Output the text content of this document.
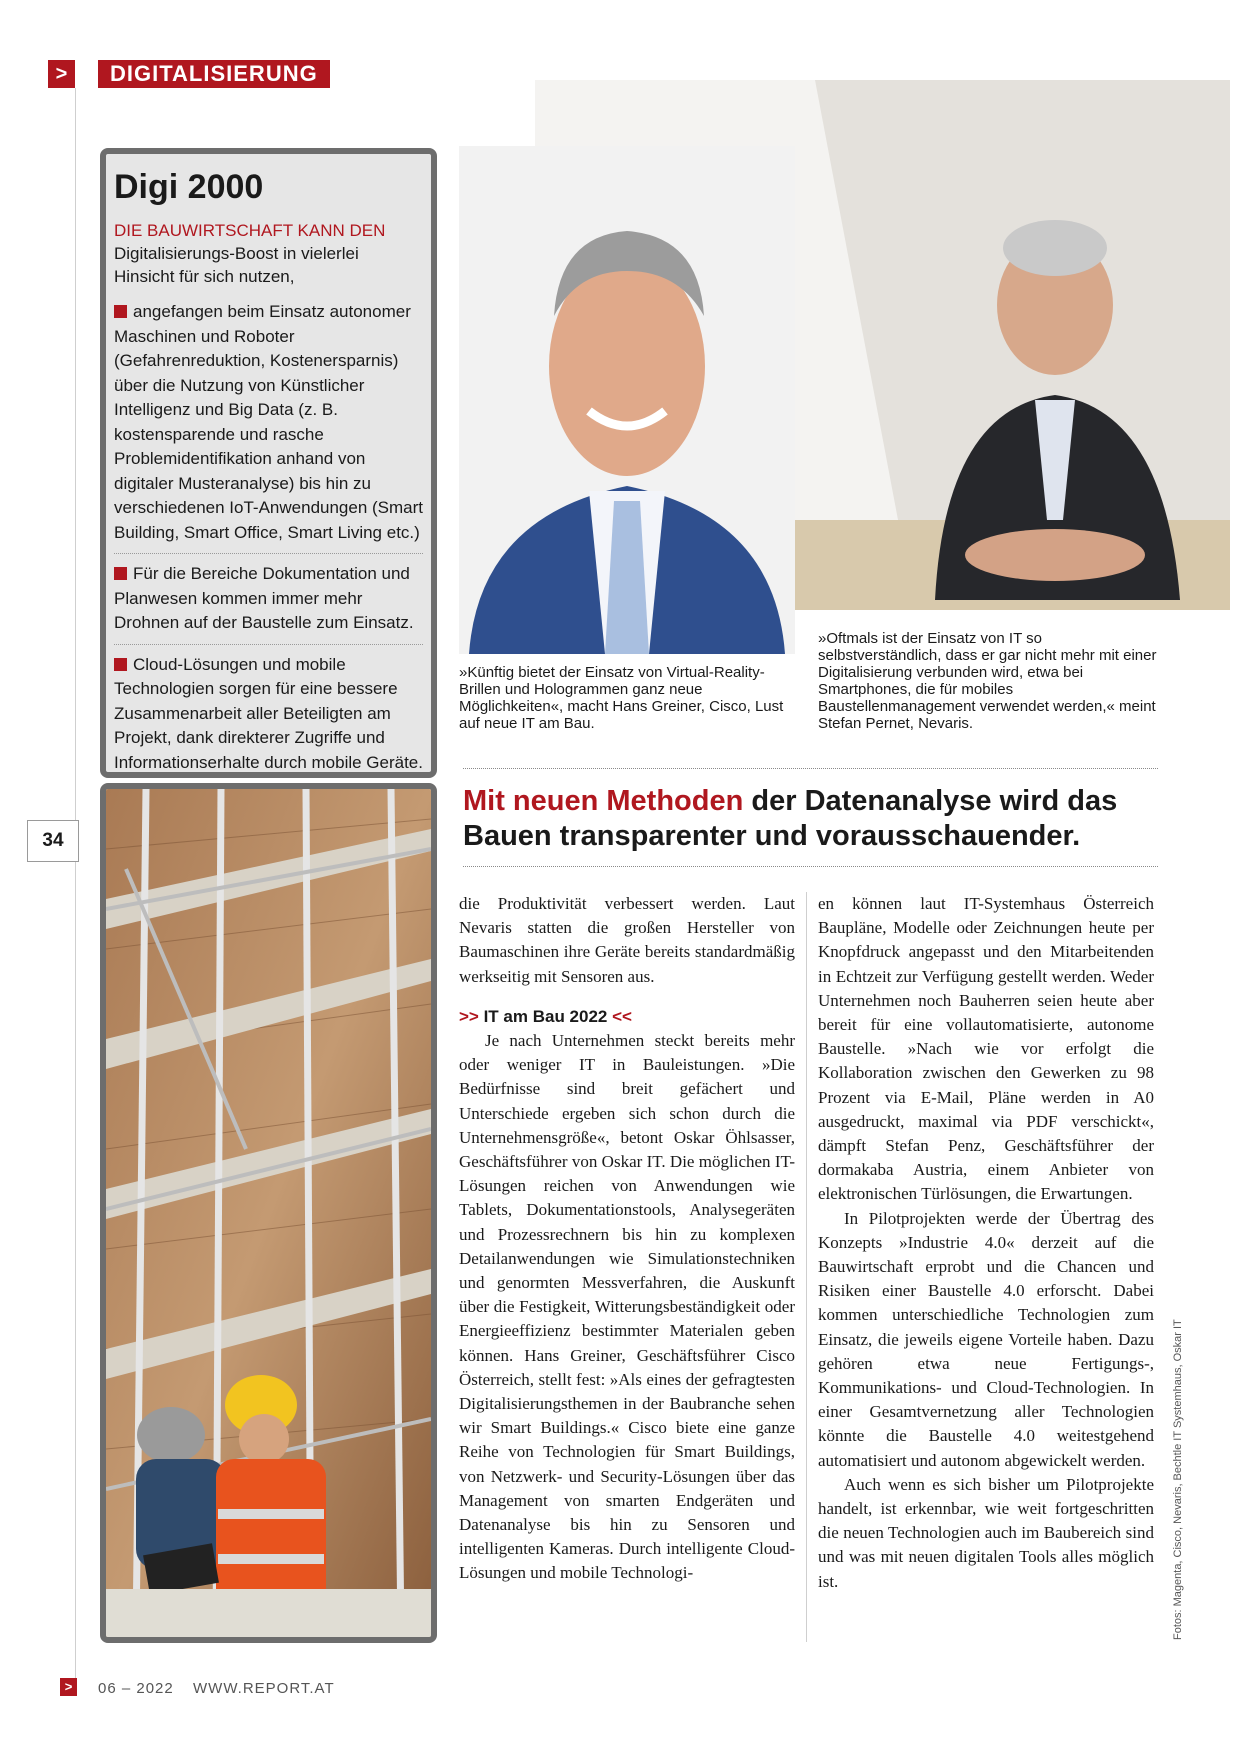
>	DIGITALISIERUNG
34
Digi 2000
DIE BAUWIRTSCHAFT KANN DEN Digitalisierungs-Boost in vielerlei Hinsicht für sich nutzen,
angefangen beim Einsatz autonomer Maschinen und Roboter (Gefahrenreduktion, Kostenersparnis) über die Nutzung von Künstlicher Intelligenz und Big Data (z. B. kostensparende und rasche Problemidentifikation anhand von digitaler Musteranalyse) bis hin zu verschiedenen IoT-Anwendungen (Smart Building, Smart Office, Smart Living etc.)
Für die Bereiche Dokumentation und Planwesen kommen immer mehr Drohnen auf der Baustelle zum Einsatz.
Cloud-Lösungen und mobile Technologien sorgen für eine bessere Zusammenarbeit aller Beteiligten am Projekt, dank direkterer Zugriffe und Informationserhalte durch mobile Geräte.
»Künftig bietet der Einsatz von Virtual-Reality-Brillen und Hologrammen ganz neue Möglichkeiten«, macht Hans Greiner, Cisco, Lust auf neue IT am Bau.
»Oftmals ist der Einsatz von IT so selbstverständlich, dass er gar nicht mehr mit einer Digitalisierung verbunden wird, etwa bei Smartphones, die für mobiles Baustellenmanagement verwendet werden,« meint Stefan Pernet, Nevaris.
Mit neuen Methoden der Datenanalyse wird das Bauen transparenter und vorausschauender.

die Produktivität verbessert werden. Laut Nevaris statten die großen Hersteller von Baumaschinen ihre Geräte bereits standardmäßig werkseitig mit Sensoren aus.

>> IT am Bau 2022 <<

Je nach Unternehmen steckt bereits mehr oder weniger IT in Bauleistungen. »Die Bedürfnisse sind breit gefächert und Unterschiede ergeben sich schon durch die Unternehmensgröße«, betont Oskar Öhlsasser, Geschäftsführer von Oskar IT. Die möglichen IT-Lösungen reichen von Anwendungen wie Tablets, Dokumentationstools, Analysegeräten und Prozessrechnern bis hin zu komplexen Detailanwendungen wie Simulationstechniken und genormten Messverfahren, die Auskunft über die Festigkeit, Witterungsbeständigkeit oder Energieeffizienz bestimmter Materialen geben können. Hans Greiner, Geschäftsführer Cisco Österreich, stellt fest: »Als eines der gefragtesten Digitalisierungsthemen in der Baubranche sehen wir Smart Buildings.« Cisco biete eine ganze Reihe von Technologien für Smart Buildings, von Netzwerk- und Security-Lösungen über das Management von smarten Endgeräten und Datenanalyse bis hin zu Sensoren und intelligenten Kameras. Durch intelligente Cloud-Lösungen und mobile Technologi-

en können laut IT-Systemhaus Österreich Baupläne, Modelle oder Zeichnungen heute per Knopfdruck angepasst und den Mitarbeitenden in Echtzeit zur Verfügung gestellt werden. Weder Unternehmen noch Bauherren seien heute aber bereit für eine vollautomatisierte, autonome Baustelle. »Nach wie vor erfolgt die Kollaboration zwischen den Gewerken zu 98 Prozent via E-Mail, Pläne werden in A0 ausgedruckt, maximal via PDF verschickt«, dämpft Stefan Penz, Geschäftsführer der dormakaba Austria, einem Anbieter von elektronischen Türlösungen, die Erwartungen.

In Pilotprojekten werde der Übertrag des Konzepts »Industrie 4.0« derzeit auf die Bauwirtschaft erprobt und die Chancen und Risiken einer Baustelle 4.0 erforscht. Dabei kommen unterschiedliche Technologien zum Einsatz, die jeweils eigene Vorteile haben. Dazu gehören etwa neue Fertigungs-, Kommunikations- und Cloud-Technologien. In einer Gesamtvernetzung aller Technologien könnte die Baustelle 4.0 weitestgehend automatisiert und autonom abgewickelt werden.

Auch wenn es sich bisher um Pilotprojekte handelt, ist erkennbar, wie weit fortgeschritten die neuen Technologien auch im Baubereich sind und was mit neuen digitalen Tools alles möglich ist.	Fotos: Magenta, Cisco, Nevaris, Bechtle IT Systemhaus, Oskar IT
>	06 – 2022 WWW.REPORT.AT
